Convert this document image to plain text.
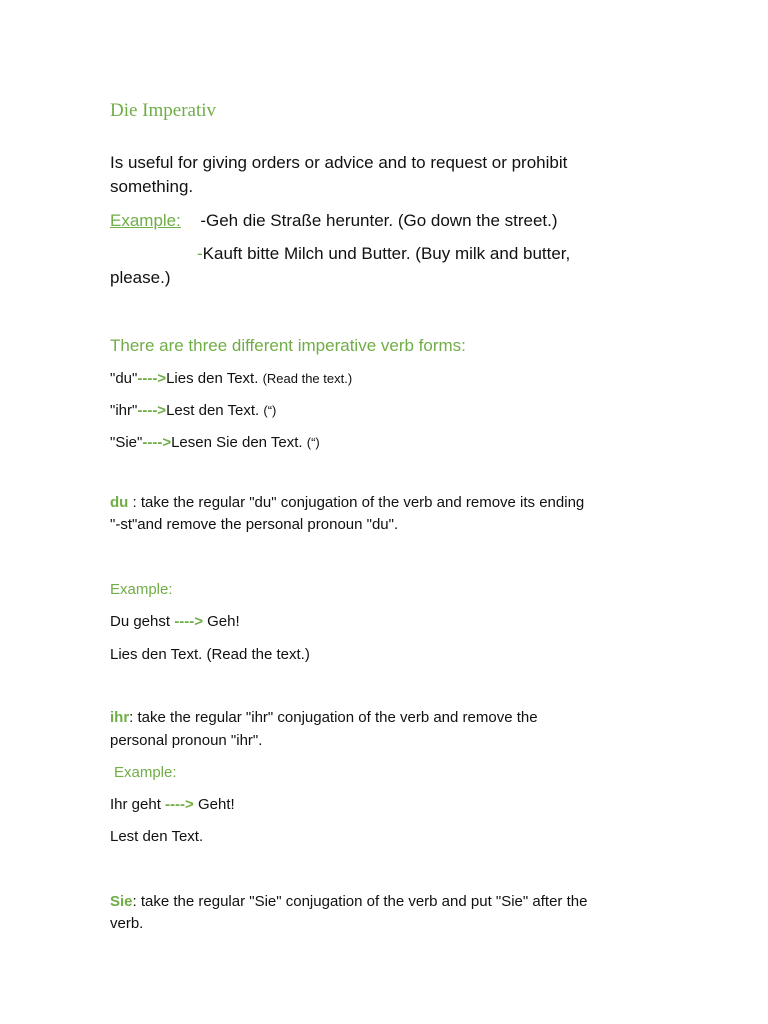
Die Imperativ
Is useful for giving orders or advice and to request or prohibit
something.
Example: -Geh die Straße herunter. (Go down the street.)
-Kauft bitte Milch und Butter. (Buy milk and butter,
please.)
There are three different imperative verb forms:
"du"---->Lies den Text. (Read the text.)
"ihr"---->Lest den Text. (“)
"Sie"---->Lesen Sie den Text. (“)
du : take the regular "du" conjugation of the verb and remove its ending
"-st"and remove the personal pronoun "du".
Example:
Du gehst ----> Geh!
Lies den Text. (Read the text.)
ihr: take the regular "ihr" conjugation of the verb and remove the
personal pronoun "ihr".
Example:
Ihr geht ----> Geht!
Lest den Text.
Sie: take the regular "Sie" conjugation of the verb and put "Sie" after the
verb.
